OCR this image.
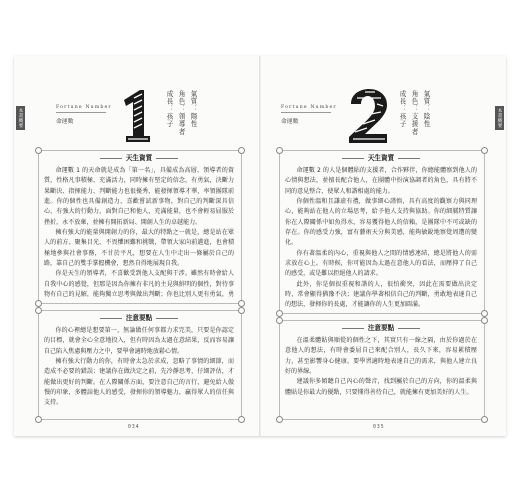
本書概要
Fortune Number
命運數	氣質：陽性
角色：領導者
成長：孩子
天生資質

命運數 1 的天命就是成為「第一名」，具備成為高層、領導者的資質，性格凡事積極、充滿活力，同時擁有堅定的信念，有勇氣，決斷力果斷決、指揮能力、判斷能力也很優秀，能發揮領導才華，率領團隊前進。你的個性也具備創造力，喜歡嘗試新事物，對自己的判斷深具信心，有強大的行動力，面對自己和他人，充滿能量，也不會輕易屈服於挫折，永不放棄，並擁有開拓新局、開創人生的卓越能力。

擁有強大的能量與開創力的你，最大的特點之一就是，總是站在眾人的前方、聚集目光，不畏懼困難和挑戰，帶領大家向前邁進，也會積極地參與社會事務，不甘於平凡，想要在人生中走出一條屬於自己的路，靠自己的雙手掌握機會，想然自得地展現自我。

你是天生的領導者，不喜歡受到他人支配與干涉。雖然有時會給人自我中心的感覺，但那是因為你擁有非凡的主見與鮮明的個性，對待事物有自己的見解，能夠獨立思考與做出判斷；你也比別人更有勇氣，勇

注意要點

你的心裡總是想要第一，無論做任何事都力求完美，只要是你認定的目標，就會全心全意地投入，但有時因為太過在意結果，反而容易讓自己陷入焦慮與壓力之中，要學會適時地放鬆心情。

擁有強大行動力的你，有時會太急於求成，忽略了事情的細節，而造成不必要的錯誤；建議你在做決定之前，先冷靜思考，仔細評估，才能做出更好的判斷。在人際關係方面，要注意自己的言行，避免給人傲慢的印象，多體諒他人的感受，發揮你的領導魅力，贏得眾人的信任與支持。

034
本書概要
Fortune Number
命運數	氣質：陰性
角色：支援者
成長：孩子
天生資質

命運數 2 的人是個體貼的支援者，合作夥伴，你總能體察到他人的心情與想法，並擅長配合他人，在團體中扮演協調者的角色，具有將不同的意見整合、使眾人和諧相處的能力。

你個性溫和且謙虛有禮，做事細心謹慎，具有高度的觀察力與同理心，能夠站在他人的立場思考，給予他人支持與協助。你的細膩特質讓你在人際關係中如魚得水，容易獲得他人的信賴，是團隊中不可或缺的存在。你的感受力強，富有藝術天分與美感，能夠敏銳地察覺周遭的變化。

你有著溫柔的內心，重視與他人之間的情感連結，總是將他人的需求放在心上。有時候，你可能因為太過在意他人的看法，而壓抑了自己的感受，或是難以拒絕他人的請求。

此外，你是個很重視和諧的人，很怕衝突，因此在需要做出決定時，常會顯得猶豫不決；建議你學著相信自己的判斷，勇敢地表達自己的想法，發揮你的長處，才能讓你的人生更加圓滿。

注意要點

在溫柔體貼與順從的個性之下，其實只有一線之隔，由於你過於在意他人的想法，有時會委屈自己來配合別人，長久下來，容易累積壓力，甚至影響身心健康。要學習適時地表達自己的需求，與他人建立良好的界線。

建議你多傾聽自己內心的聲音，找到屬於自己的方向，你的溫柔與體貼是你最大的優點，只要懂得善待自己，就能擁有更加美好的人生。

035
